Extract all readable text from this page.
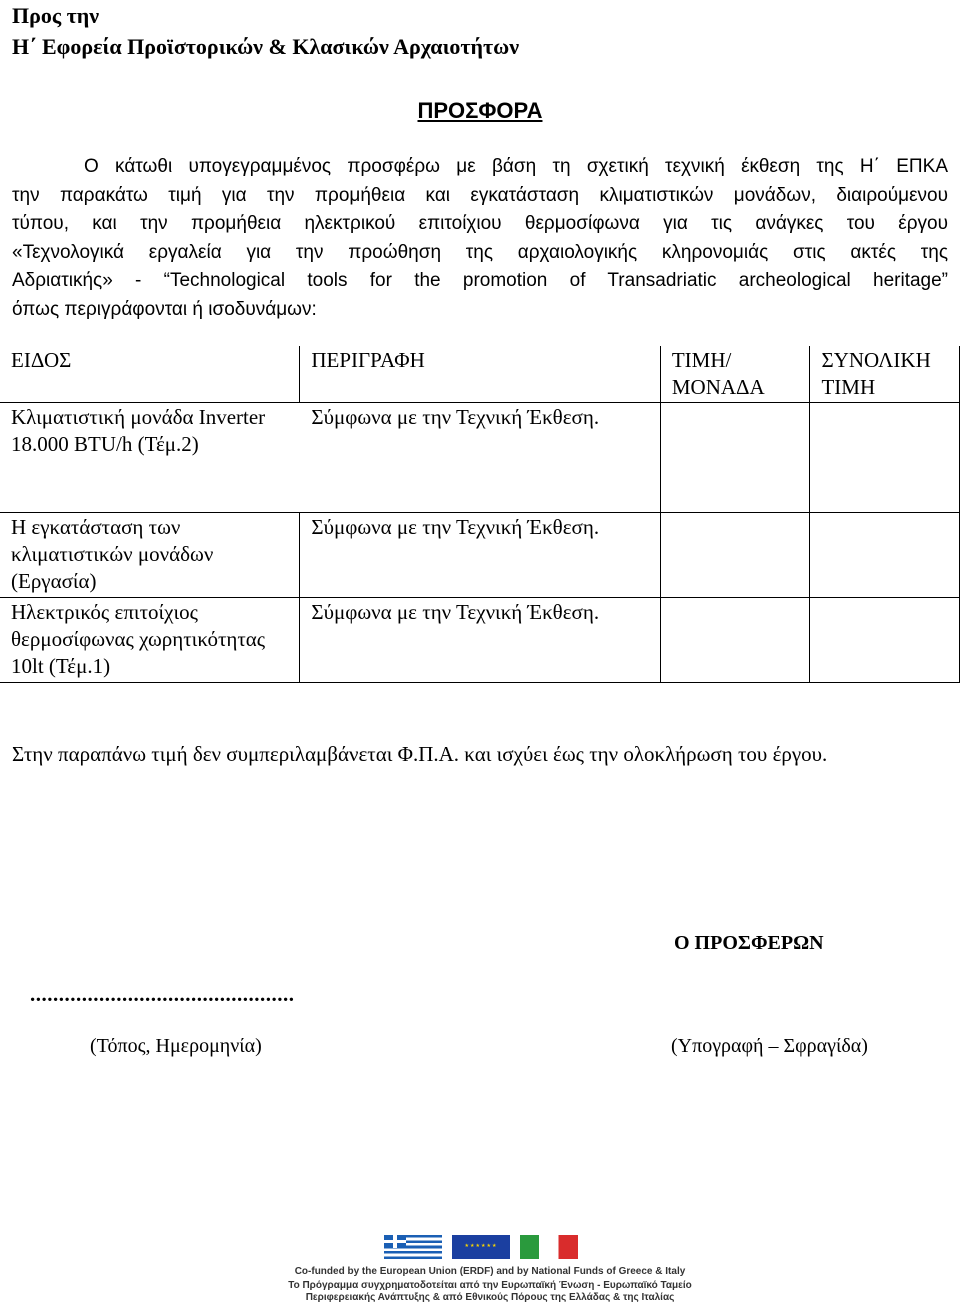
Προς την
Η΄ Εφορεία Προϊστορικών & Κλασικών Αρχαιοτήτων
ΠΡΟΣΦΟΡΑ
Ο κάτωθι υπογεγραμμένος προσφέρω με βάση τη σχετική τεχνική έκθεση της Η΄ ΕΠΚΑ
την παρακάτω τιμή για την προμήθεια και εγκατάσταση κλιματιστικών μονάδων, διαιρούμενου
τύπου, και την προμήθεια ηλεκτρικού επιτοίχιου θερμοσίφωνα για τις ανάγκες του έργου
«Τεχνολογικά εργαλεία για την προώθηση της αρχαιολογικής κληρονομιάς στις ακτές της
Αδριατικής» - “Technological tools for the promotion of Transadriatic archeological heritage”
όπως περιγράφονται ή ισοδυνάμων:
ΕΙΔΟΣ	ΠΕΡΙΓΡΑΦΗ	ΤΙΜΗ/ ΜΟΝΑΔΑ	ΣΥΝΟΛΙΚΗ ΤΙΜΗ
Κλιματιστική μονάδα Inverter 18.000 BTU/h (Τέμ.2)	Σύμφωνα με την Τεχνική Έκθεση.		
Η εγκατάσταση των κλιματιστικών μονάδων (Εργασία)	Σύμφωνα με την Τεχνική Έκθεση.		
Ηλεκτρικός επιτοίχιος θερμοσίφωνας χωρητικότητας 10lt (Τέμ.1)	Σύμφωνα με την Τεχνική Έκθεση.		
Στην παραπάνω τιμή δεν συμπεριλαμβάνεται Φ.Π.Α. και ισχύει έως την ολοκλήρωση του έργου.
Ο ΠΡΟΣΦΕΡΩΝ
..............................................
(Τόπος, Ημερομηνία)	(Υπογραφή – Σφραγίδα)
★★★★★★
Co-funded by the European Union (ERDF) and by National Funds of Greece & Italy
Το Πρόγραμμα συγχρηματοδοτείται από την Ευρωπαϊκή Ένωση - Ευρωπαϊκό Ταμείο
Περιφερειακής Ανάπτυξης & από Εθνικούς Πόρους της Ελλάδας & της Ιταλίας
